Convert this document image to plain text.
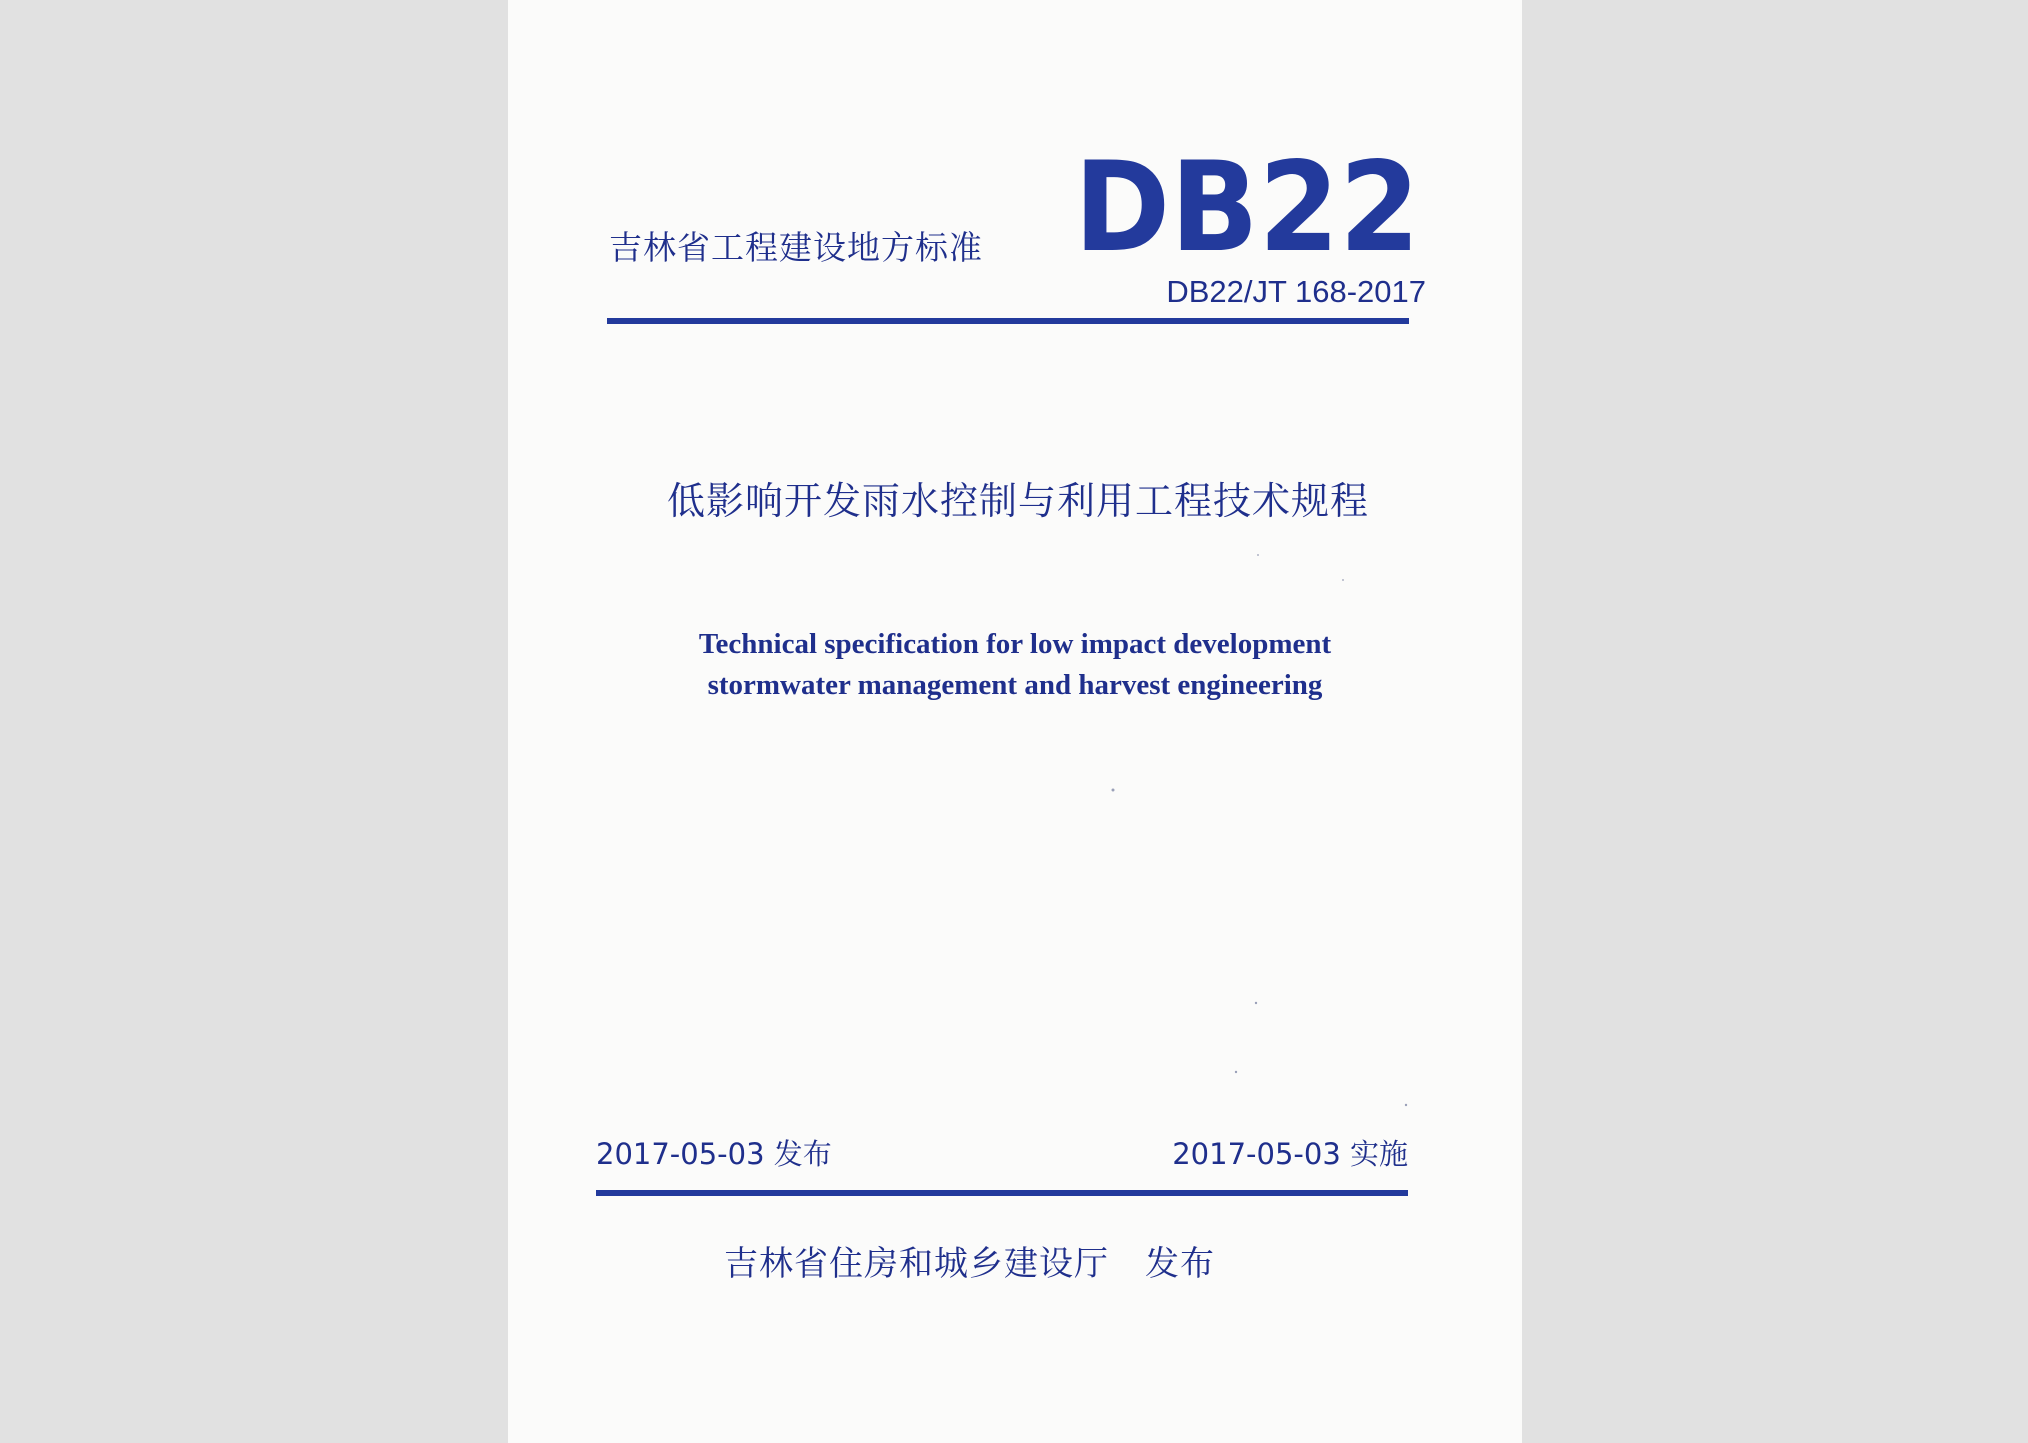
吉林省工程建设地方标准 DB22
DB22/JT 168-2017
低影响开发雨水控制与利用工程技术规程
Technical specification for low impact development
stormwater management and harvest engineering
2017-05-03 发布	2017-05-03 实施
吉林省住房和城乡建设厅 发布
